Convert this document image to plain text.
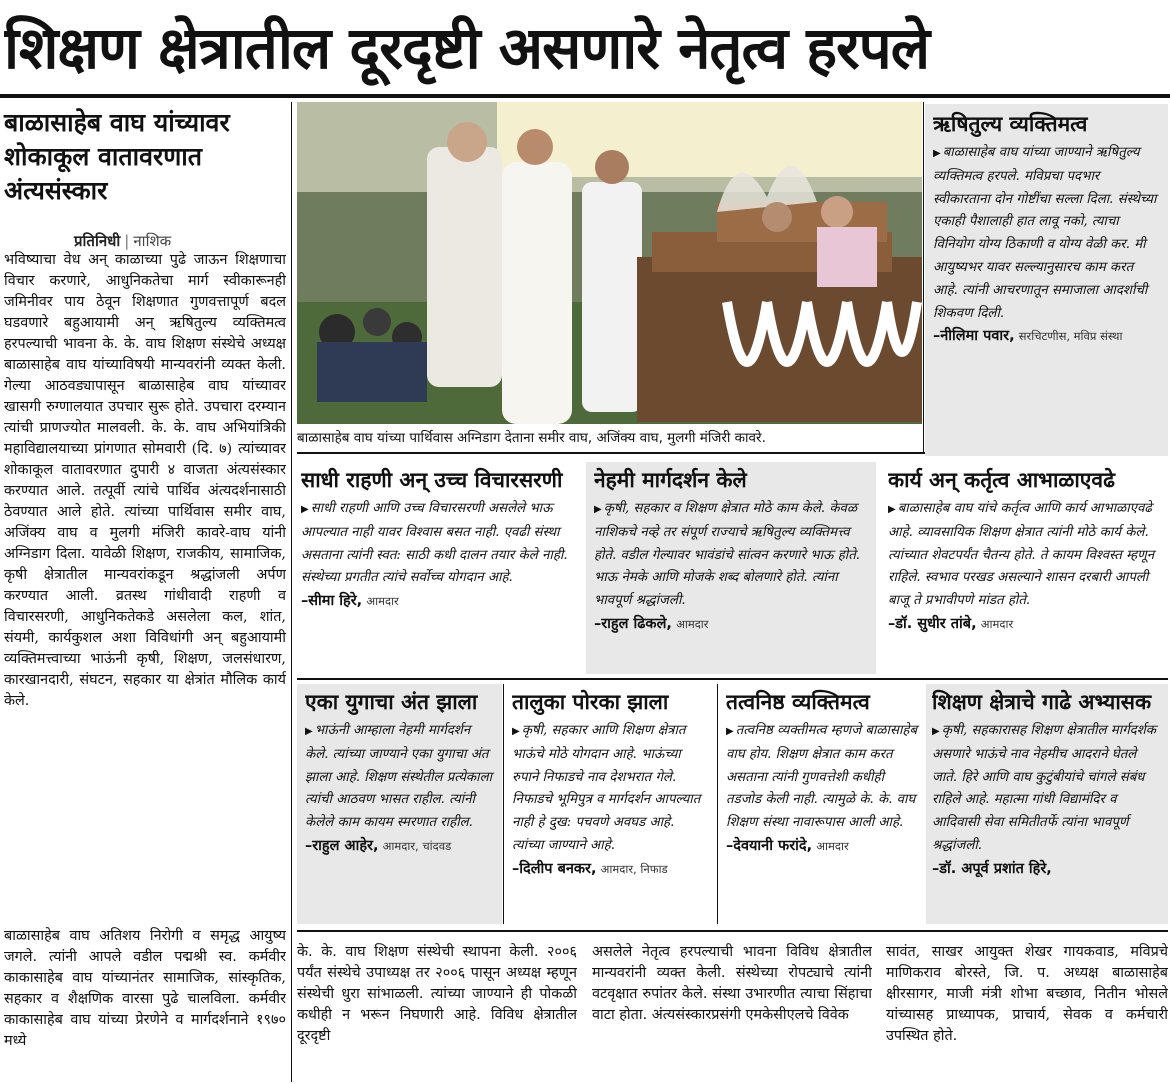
शिक्षण क्षेत्रातील दूरदृष्टी असणारे नेतृत्व हरपले
बाळासाहेब वाघ यांच्यावर शोकाकूल वातावरणात अंत्यसंस्कार
प्रतिनिधी | नाशिक
भविष्याचा वेध अन् काळाच्या पुढे जाऊन शिक्षणाचा विचार करणारे, आधुनिकतेचा मार्ग स्वीकारूनही जमिनीवर पाय ठेवून शिक्षणात गुणवत्तापूर्ण बदल घडवणारे बहुआयामी अन् ऋषितुल्य व्यक्तिमत्व हरपल्याची भावना के. के. वाघ शिक्षण संस्थेचे अध्यक्ष बाळासाहेब वाघ यांच्याविषयी मान्यवरांनी व्यक्त केली. गेल्या आठवड्यापासून बाळासाहेब वाघ यांच्यावर खासगी रुग्णालयात उपचार सुरू होते. उपचारा दरम्यान त्यांची प्राणज्योत मालवली. के. के. वाघ अभियांत्रिकी महाविद्यालयाच्या प्रांगणात सोमवारी (दि. ७) त्यांच्यावर शोकाकूल वातावरणात दुपारी ४ वाजता अंत्यसंस्कार करण्यात आले. तत्पूर्वी त्यांचे पार्थिव अंत्यदर्शनासाठी ठेवण्यात आले होते. त्यांच्या पार्थिवास समीर वाघ, अजिंक्य वाघ व मुलगी मंजिरी कावरे-वाघ यांनी अग्निडाग दिला. यावेळी शिक्षण, राजकीय, सामाजिक, कृषी क्षेत्रातील मान्यवरांकडून श्रद्धांजली अर्पण करण्यात आली. व्रतस्थ गांधीवादी राहणी व विचारसरणी, आधुनिकतेकडे असलेला कल, शांत, संयमी, कार्यकुशल अशा विविधांगी अन् बहुआयामी व्यक्तिमत्त्वाच्या भाऊंनी कृषी, शिक्षण, जलसंधारण, कारखानदारी, संघटन, सहकार या क्षेत्रांत मौलिक कार्य केले.
बाळासाहेब वाघ अतिशय निरोगी व समृद्ध आयुष्य जगले. त्यांनी आपले वडील पद्मश्री स्व. कर्मवीर काकासाहेब वाघ यांच्यानंतर सामाजिक, सांस्कृतिक, सहकार व शैक्षणिक वारसा पुढे चालविला. कर्मवीर काकासाहेब वाघ यांच्या प्रेरणेने व मार्गदर्शनाने १९७० मध्ये
बाळासाहेब वाघ यांच्या पार्थिवास अग्निडाग देताना समीर वाघ, अजिंक्य वाघ, मुलगी मंजिरी कावरे.
ऋषितुल्य व्यक्तिमत्व
▶ बाळासाहेब वाघ यांच्या जाण्याने ऋषितुल्य व्यक्तिमत्व हरपले. मविप्रचा पदभार स्वीकारताना दोन गोष्टींचा सल्ला दिला. संस्थेच्या एकाही पैशालाही हात लावू नको, त्याचा विनियोग योग्य ठिकाणी व योग्य वेळी कर. मी आयुष्यभर यावर सल्ल्यानुसारच काम करत आहे. त्यांनी आचरणातून समाजाला आदर्शाची शिकवण दिली.
–नीलिमा पवार, सरचिटणीस, मविप्र संस्था
साधी राहणी अन् उच्च विचारसरणी
▶ साधी राहणी आणि उच्च विचारसरणी असलेले भाऊ आपल्यात नाही यावर विश्वास बसत नाही. एवढी संस्था असताना त्यांनी स्वत: साठी कधी दालन तयार केले नाही. संस्थेच्या प्रगतीत त्यांचे सर्वोच्च योगदान आहे.
–सीमा हिरे, आमदार
नेहमी मार्गदर्शन केले
▶ कृषी, सहकार व शिक्षण क्षेत्रात मोठे काम केले. केवळ नाशिकचे नव्हे तर संपूर्ण राज्याचे ऋषितुल्य व्यक्तिमत्त्व होते. वडील गेल्यावर भावंडांचे सांत्वन करणारे भाऊ होते. भाऊ नेमके आणि मोजके शब्द बोलणारे होते. त्यांना भावपूर्ण श्रद्धांजली.
–राहुल ढिकले, आमदार
कार्य अन् कर्तृत्व आभाळाएवढे
▶ बाळासाहेब वाघ यांचे कर्तृत्व आणि कार्य आभाळाएवढे आहे. व्यावसायिक शिक्षण क्षेत्रात त्यांनी मोठे कार्य केले. त्यांच्यात शेवटपर्यंत चैतन्य होते. ते कायम विश्वस्त म्हणून राहिले. स्वभाव परखड असल्याने शासन दरबारी आपली बाजू ते प्रभावीपणे मांडत होते.
–डॉ. सुधीर तांबे, आमदार
एका युगाचा अंत झाला
▶ भाऊंनी आम्हाला नेहमी मार्गदर्शन केले. त्यांच्या जाण्याने एका युगाचा अंत झाला आहे. शिक्षण संस्थेतील प्रत्येकाला त्यांची आठवण भासत राहील. त्यांनी केलेले काम कायम स्मरणात राहील.
–राहुल आहेर, आमदार, चांदवड
तालुका पोरका झाला
▶ कृषी, सहकार आणि शिक्षण क्षेत्रात भाऊंचे मोठे योगदान आहे. भाऊंच्या रुपाने निफाडचे नाव देशभरात गेले. निफाडचे भूमिपुत्र व मार्गदर्शन आपल्यात नाही हे दुख: पचवणे अवघड आहे. त्यांच्या जाण्याने आहे.
–दिलीप बनकर, आमदार, निफाड
तत्वनिष्ठ व्यक्तिमत्व
▶ तत्वनिष्ठ व्यक्तीमत्व म्हणजे बाळासाहेब वाघ होय. शिक्षण क्षेत्रात काम करत असताना त्यांनी गुणवत्तेशी कधीही तडजोड केली नाही. त्यामुळे के. के. वाघ शिक्षण संस्था नावारूपास आली आहे.
–देवयानी फरांदे, आमदार
शिक्षण क्षेत्राचे गाढे अभ्यासक
▶ कृषी, सहकारासह शिक्षण क्षेत्रातील मार्गदर्शक असणारे भाऊंचे नाव नेहमीच आदराने घेतले जाते. हिरे आणि वाघ कुटुंबीयांचे चांगले संबंध राहिले आहे. महात्मा गांधी विद्यामंदिर व आदिवासी सेवा समितीतर्फे त्यांना भावपूर्ण श्रद्धांजली.
–डॉ. अपूर्व प्रशांत हिरे,
के. के. वाघ शिक्षण संस्थेची स्थापना केली. २००६ पर्यंत संस्थेचे उपाध्यक्ष तर २००६ पासून अध्यक्ष म्हणून संस्थेची धुरा सांभाळली. त्यांच्या जाण्याने ही पोकळी कधीही न भरून निघणारी आहे. विविध क्षेत्रातील दूरदृष्टी
असलेले नेतृत्व हरपल्याची भावना विविध क्षेत्रातील मान्यवरांनी व्यक्त केली. संस्थेच्या रोपट्याचे त्यांनी वटवृक्षात रुपांतर केले. संस्था उभारणीत त्याचा सिंहाचा वाटा होता. अंत्यसंस्कारप्रसंगी एमकेसीएलचे विवेक
सावंत, साखर आयुक्त शेखर गायकवाड, मविप्रचे माणिकराव बोरस्ते, जि. प. अध्यक्ष बाळासाहेब क्षीरसागर, माजी मंत्री शोभा बच्छाव, नितीन भोसले यांच्यासह प्राध्यापक, प्राचार्य, सेवक व कर्मचारी उपस्थित होते.
